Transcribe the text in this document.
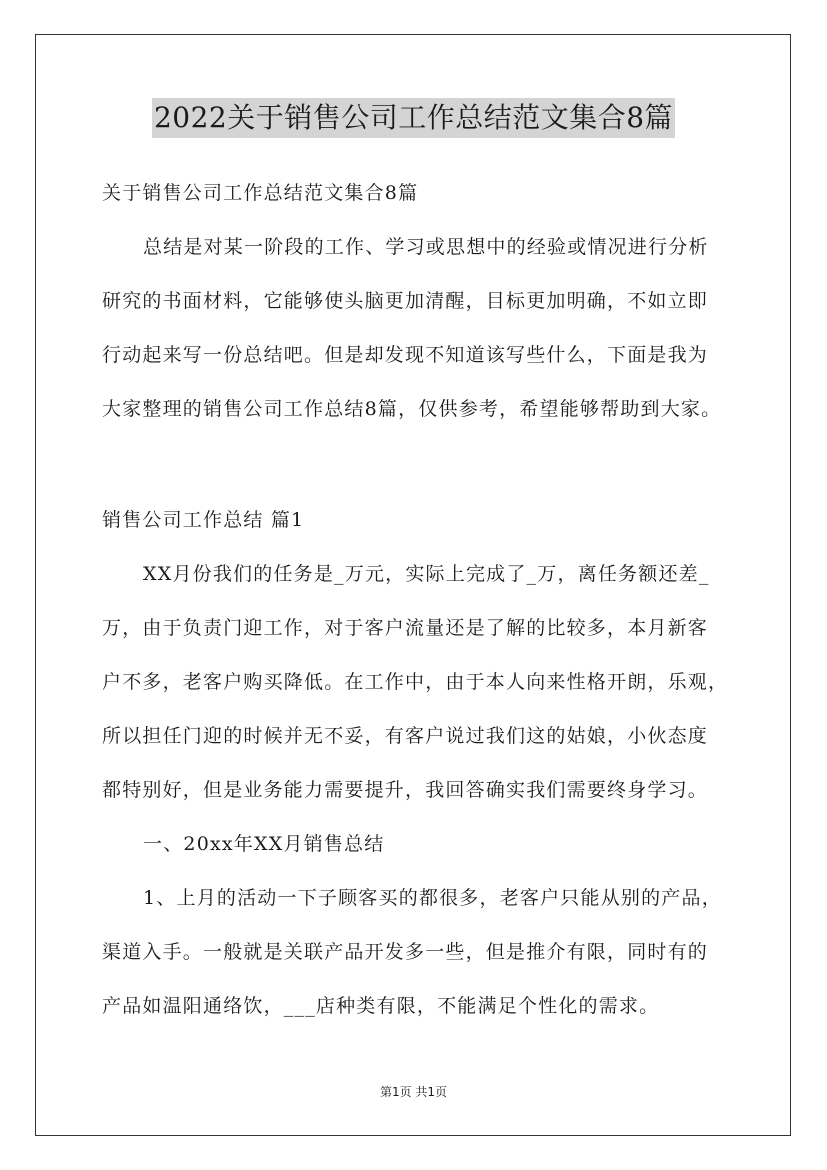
2022关于销售公司工作总结范文集合8篇
关于销售公司工作总结范文集合8篇
总结是对某一阶段的工作、学习或思想中的经验或情况进行分析
研究的书面材料，它能够使头脑更加清醒，目标更加明确，不如立即
行动起来写一份总结吧。但是却发现不知道该写些什么，下面是我为
大家整理的销售公司工作总结8篇，仅供参考，希望能够帮助到大家。
销售公司工作总结 篇1
XX月份我们的任务是_万元，实际上完成了_万，离任务额还差_
万，由于负责门迎工作，对于客户流量还是了解的比较多，本月新客
户不多，老客户购买降低。在工作中，由于本人向来性格开朗，乐观，
所以担任门迎的时候并无不妥，有客户说过我们这的姑娘，小伙态度
都特别好，但是业务能力需要提升，我回答确实我们需要终身学习。
一、20xx年XX月销售总结
1、上月的活动一下子顾客买的都很多，老客户只能从别的产品，
渠道入手。一般就是关联产品开发多一些，但是推介有限，同时有的
产品如温阳通络饮，___店种类有限，不能满足个性化的需求。
第1页 共1页
